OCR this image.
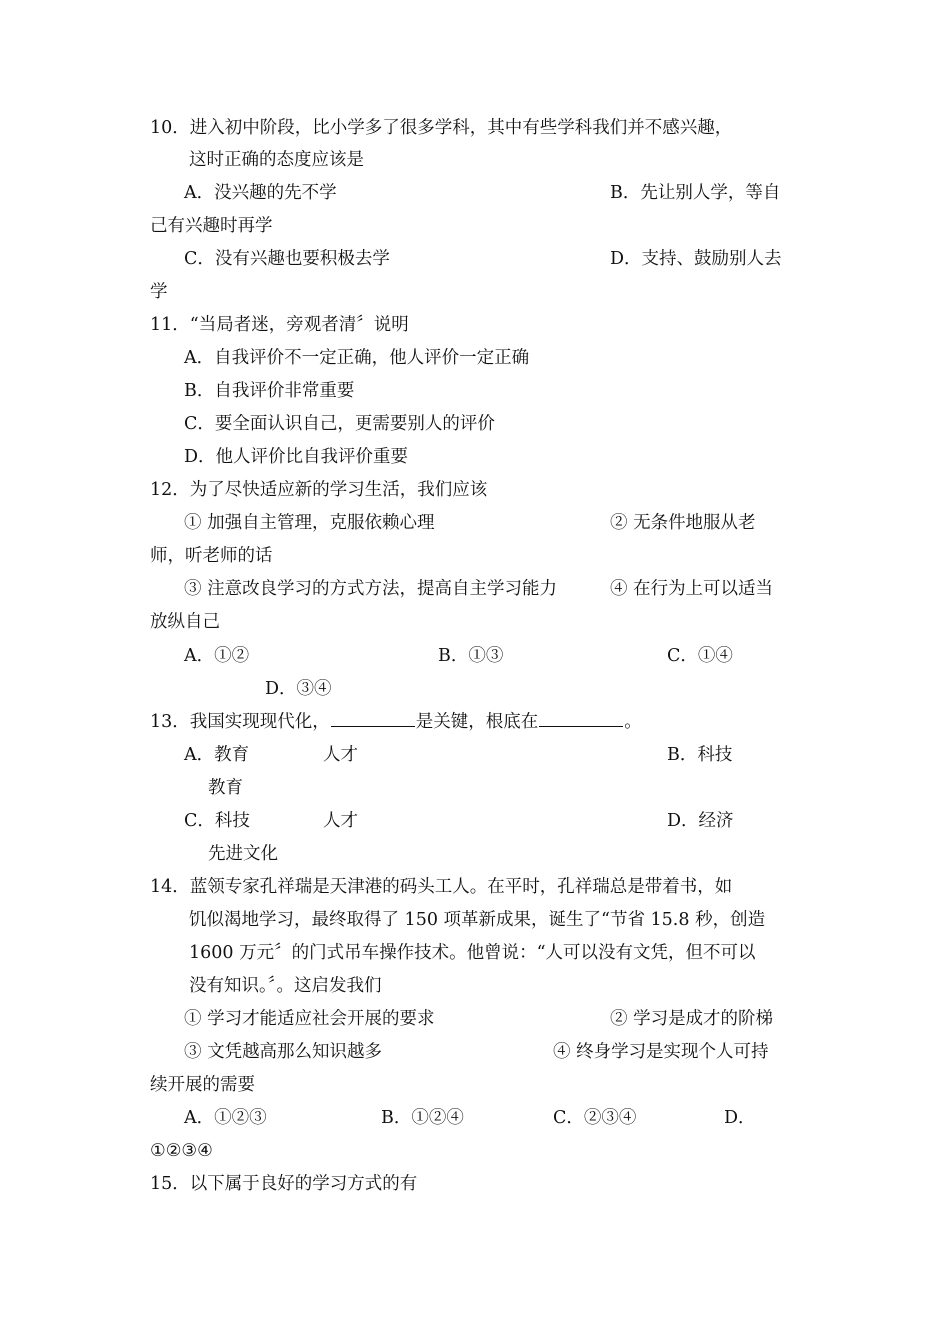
10．进入初中阶段，比小学多了很多学科，其中有些学科我们并不感兴趣，
这时正确的态度应该是
A．没兴趣的先不学	B．先让别人学，等自
己有兴趣时再学
C．没有兴趣也要积极去学	D．支持、鼓励别人去
学
11．“当局者迷，旁观者清〞说明
A．自我评价不一定正确，他人评价一定正确
B．自我评价非常重要
C．要全面认识自己，更需要别人的评价
D．他人评价比自我评价重要
12．为了尽快适应新的学习生活，我们应该
① 加强自主管理，克服依赖心理	② 无条件地服从老
师，听老师的话
③ 注意改良学习的方式方法，提高自主学习能力	④ 在行为上可以适当
放纵自己
A．①②	B．①③	C．①④
D．③④
13．我国实现现代化，	是关键，根底在	。
A．教育	人才	B．科技
教育
C．科技	人才	D．经济
先进文化
14．蓝领专家孔祥瑞是天津港的码头工人。在平时，孔祥瑞总是带着书，如
饥似渴地学习，最终取得了 150 项革新成果，诞生了“节省 15.8 秒，创造
1600 万元〞的门式吊车操作技术。他曾说：“人可以没有文凭，但不可以
没有知识。〞。这启发我们
① 学习才能适应社会开展的要求	② 学习是成才的阶梯
③ 文凭越高那么知识越多	④ 终身学习是实现个人可持
续开展的需要
A．①②③	B．①②④	C．②③④	D．
①②③④
15．以下属于良好的学习方式的有
